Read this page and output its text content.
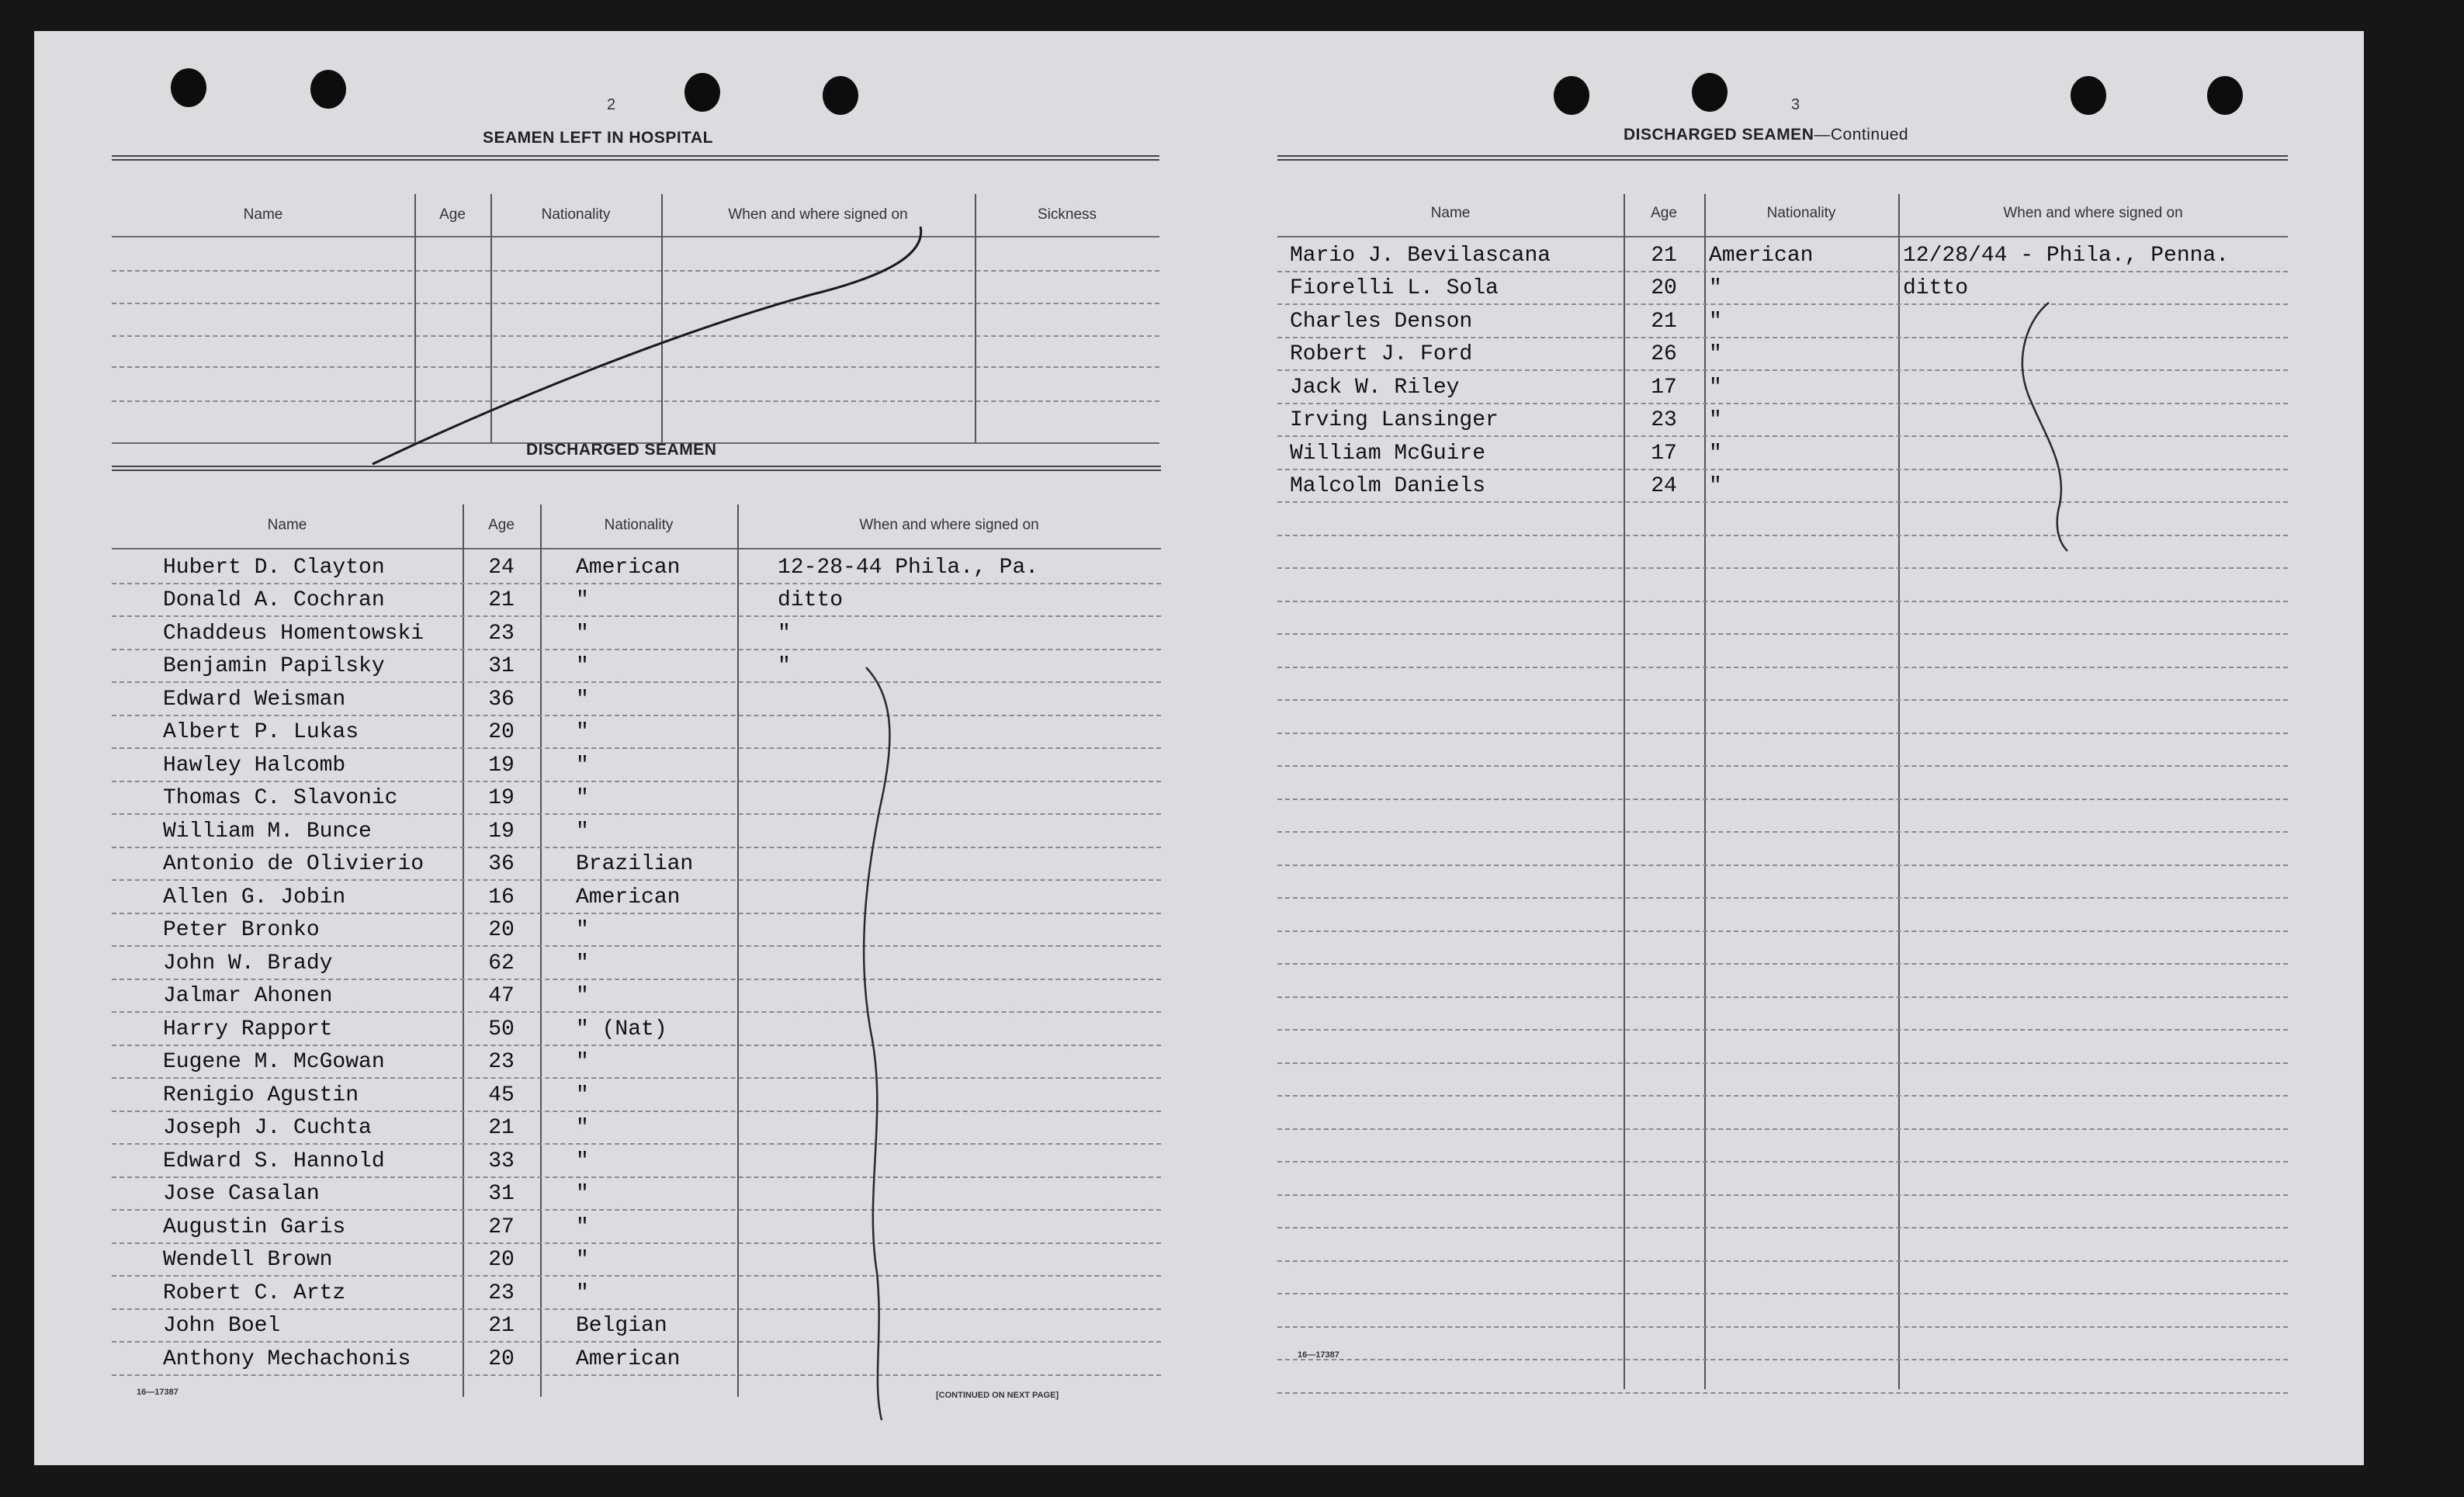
2
SEAMEN LEFT IN HOSPITAL
Name	Age	Nationality	When and where signed on	Sickness
DISCHARGED SEAMEN
Name	Age	Nationality	When and where signed on
Hubert D. Clayton	24	American	12-28-44 Phila., Pa.
Donald A. Cochran	21	"	ditto
Chaddeus Homentowski	23	"	"
Benjamin Papilsky	31	"	"
Edward Weisman	36	"
Albert P. Lukas	20	"
Hawley Halcomb	19	"
Thomas C. Slavonic	19	"
William M. Bunce	19	"
Antonio de Olivierio	36	Brazilian
Allen G. Jobin	16	American
Peter Bronko	20	"
John W. Brady	62	"
Jalmar Ahonen	47	"
Harry Rapport	50	" (Nat)
Eugene M. McGowan	23	"
Renigio Agustin	45	"
Joseph J. Cuchta	21	"
Edward S. Hannold	33	"
Jose Casalan	31	"
Augustin Garis	27	"
Wendell Brown	20	"
Robert C. Artz	23	"
John Boel	21	Belgian
Anthony Mechachonis	20	American
16—17387	[CONTINUED ON NEXT PAGE]
3
DISCHARGED SEAMEN—Continued
Name	Age	Nationality	When and where signed on
Mario J. Bevilascana	21	American	12/28/44 - Phila., Penna.
Fiorelli L. Sola	20	"	ditto
Charles Denson	21	"
Robert J. Ford	26	"
Jack W. Riley	17	"
Irving Lansinger	23	"
William McGuire	17	"
Malcolm Daniels	24	"
16—17387
